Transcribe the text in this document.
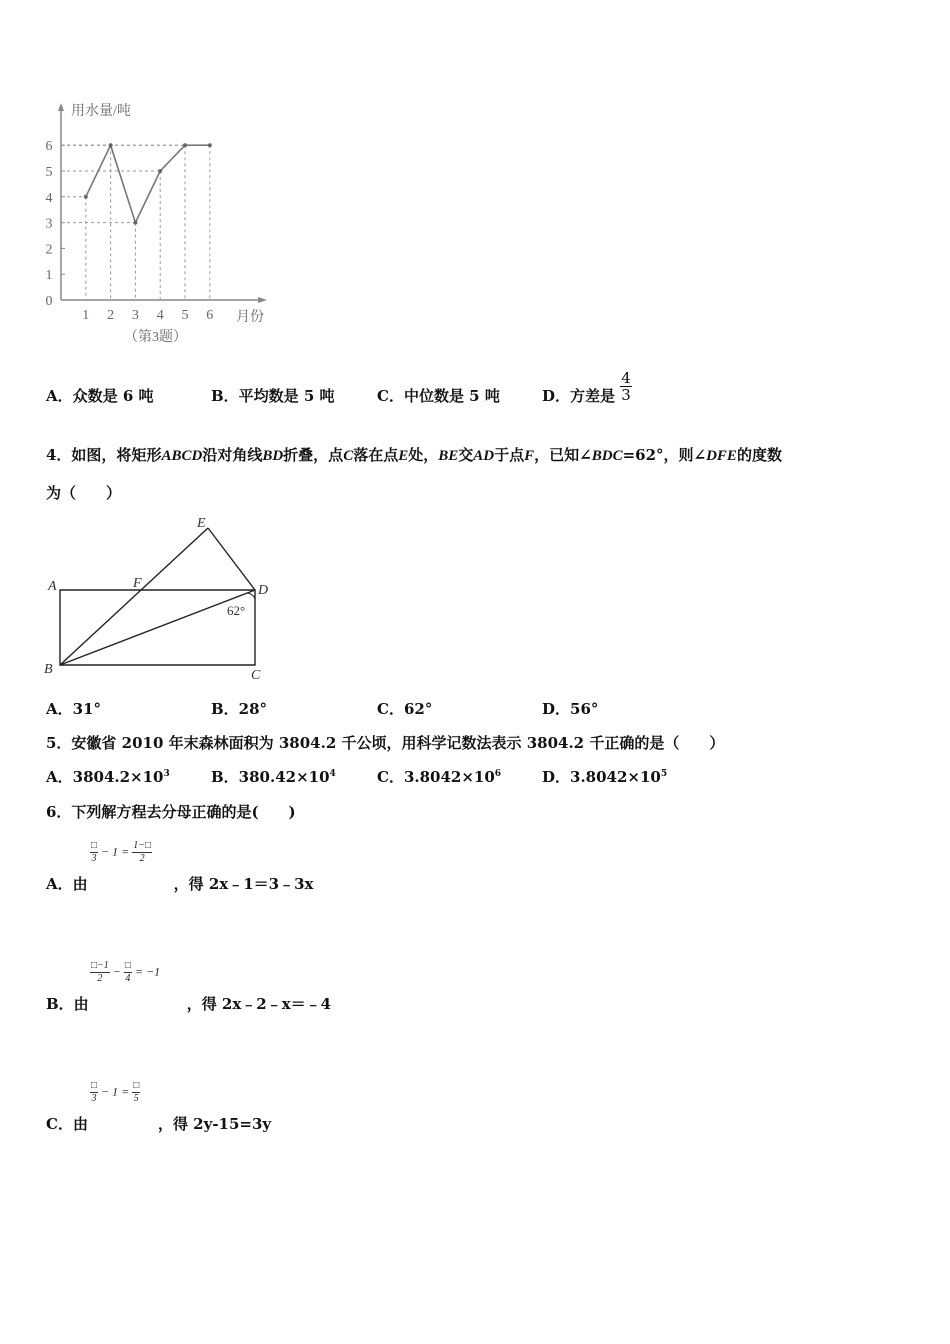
用水量/吨
月份
（第3题）
0
1
2
3
4
5
6
1 2 3 4 5 6
A．众数是 6 吨	B．平均数是 5 吨	C．中位数是 5 吨	D．方差是 $\frac{4}{3}$
4．如图，将矩形ABCD沿对角线BD折叠，点C落在点E处，BE交AD于点F，已知∠BDC=62°，则∠DFE的度数
为（　　）
A
B	C
D
E
F
62°
A．31°	B．28°	C．62°	D．56°
5．安徽省 2010 年末森林面积为 3804.2 千公顷，用科学记数法表示 3804.2 千正确的是（　　）
A．$3804.2\times 10^3$	B．$380.42\times 10^4$	C．$3.8042\times 10^6$	D．$3.8042\times 10^5$
6．下列解方程去分母正确的是(　　)
□
3
− $1 = \frac{1-□}{2}$
A．由	，得 2x﹣1＝3﹣3x
$\frac{□-1}{2}$ − □
4
= −1
B．由	，得 2x﹣2﹣x＝﹣4
□
3
− 1 = □
5
C．由	，得 2y-15=3y
